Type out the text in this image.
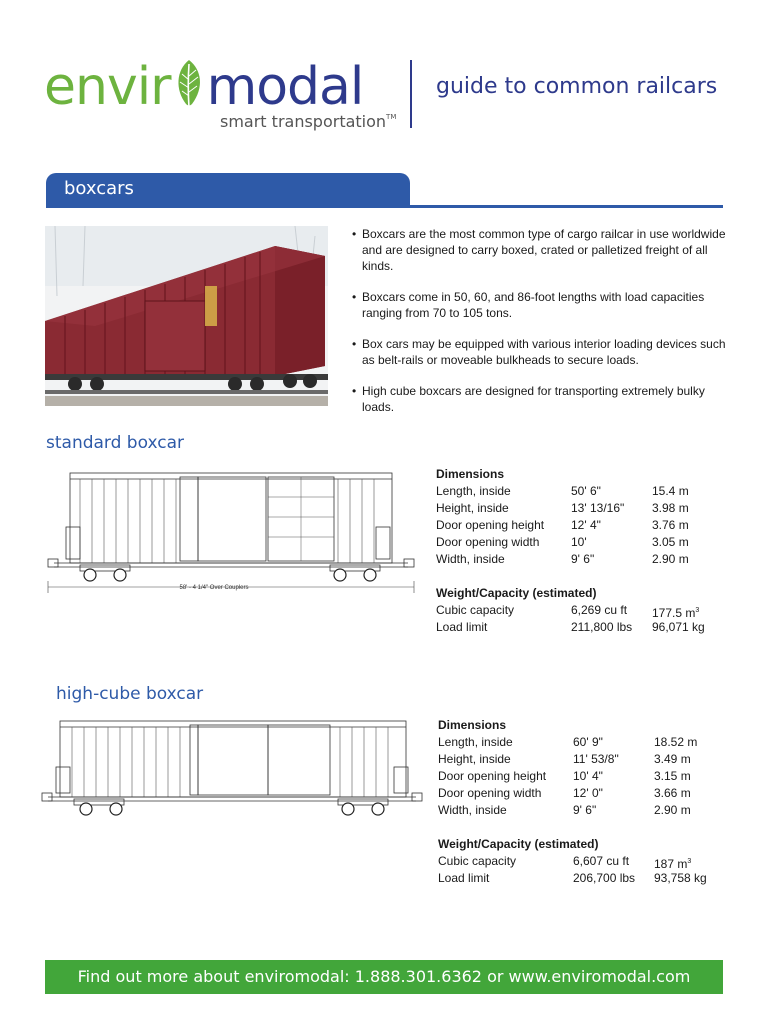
envir modal
smart transportation™
guide to common railcars
boxcars
• Boxcars are the most common type of cargo railcar in use worldwide and are designed to carry boxed, crated or palletized freight of all kinds.
• Boxcars come in 50, 60, and 86-foot lengths with load capacities ranging from 70 to 105 tons.
• Box cars may be equipped with various interior loading devices such as belt-rails or moveable bulkheads to secure loads.
• High cube boxcars are designed for transporting extremely bulky loads.
standard boxcar
58' - 4 1/4" Over Couplers
Dimensions
Length, inside	50' 6"	15.4 m
Height, inside	13' 13/16"	3.98 m
Door opening height	12' 4"	3.76 m
Door opening width	10'	3.05 m
Width, inside	9' 6"	2.90 m
Weight/Capacity (estimated)
Cubic capacity	6,269 cu ft	177.5 $m^3$
Load limit	211,800 lbs	96,071 kg
high-cube boxcar
Dimensions
Length, inside	60' 9"	18.52 m
Height, inside	11' 53/8"	3.49 m
Door opening height	10' 4"	3.15 m
Door opening width	12' 0"	3.66 m
Width, inside	9' 6"	2.90 m
Weight/Capacity (estimated)
Cubic capacity	6,607 cu ft	187 $m^3$
Load limit	206,700 lbs	93,758 kg
Find out more about enviromodal: 1.888.301.6362 or www.enviromodal.com
